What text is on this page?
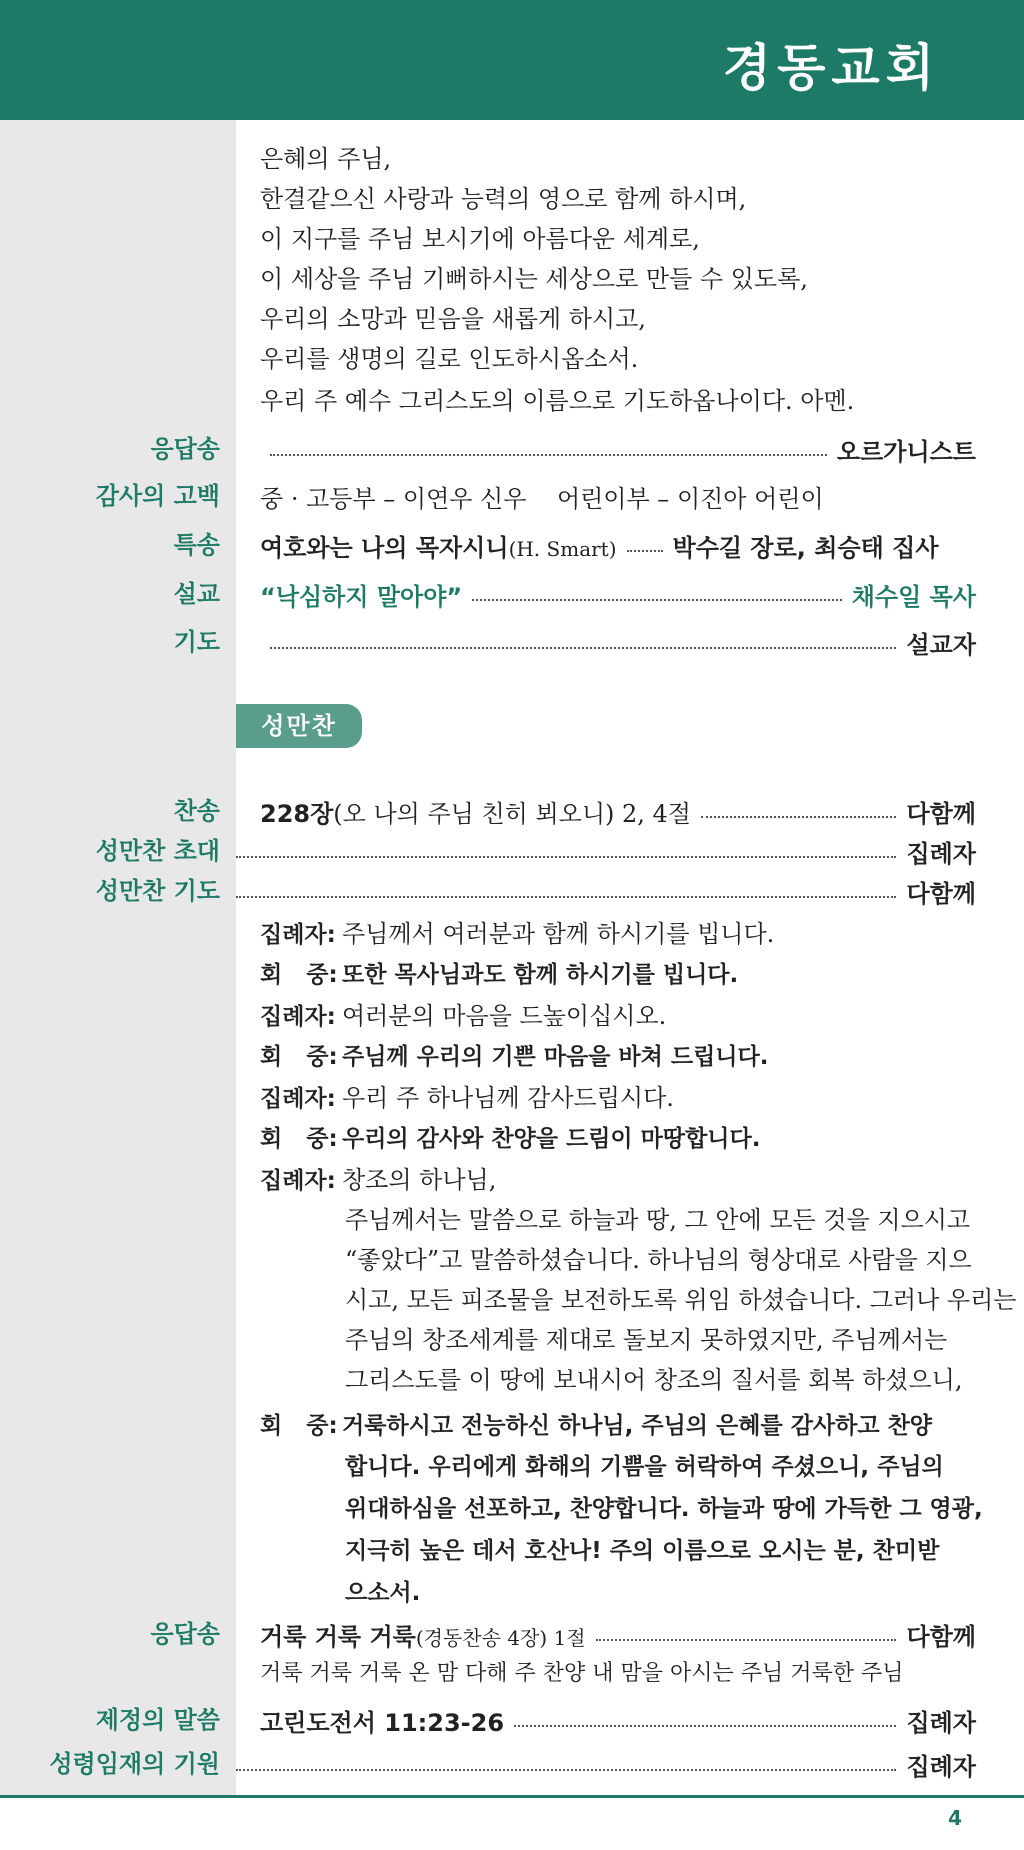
경동교회
은혜의 주님,
한결같으신 사랑과 능력의 영으로 함께 하시며,
이 지구를 주님 보시기에 아름다운 세계로,
이 세상을 주님 기뻐하시는 세상으로 만들 수 있도록,
우리의 소망과 믿음을 새롭게 하시고,
우리를 생명의 길로 인도하시옵소서.
우리 주 예수 그리스도의 이름으로 기도하옵나이다. 아멘.
응답송	오르가니스트
감사의 고백	중 · 고등부 – 이연우 신우    어린이부 – 이진아 어린이
특송	여호와는 나의 목자시니(H. Smart) 박수길 장로, 최승태 집사
설교	“낙심하지 말아야”	채수일 목사
기도	설교자
성만찬
찬송	228장(오 나의 주님 친히 뵈오니) 2, 4절	다함께
성만찬 초대	집례자
성만찬 기도	다함께
집례자: 주님께서 여러분과 함께 하시기를 빕니다.
회   중: 또한 목사님과도 함께 하시기를 빕니다.
집례자: 여러분의 마음을 드높이십시오.
회   중: 주님께 우리의 기쁜 마음을 바쳐 드립니다.
집례자: 우리 주 하나님께 감사드립시다.
회   중: 우리의 감사와 찬양을 드림이 마땅합니다.
집례자: 창조의 하나님,
주님께서는 말씀으로 하늘과 땅, 그 안에 모든 것을 지으시고
“좋았다”고 말씀하셨습니다. 하나님의 형상대로 사람을 지으
시고, 모든 피조물을 보전하도록 위임 하셨습니다. 그러나 우리는
주님의 창조세계를 제대로 돌보지 못하였지만, 주님께서는
그리스도를 이 땅에 보내시어 창조의 질서를 회복 하셨으니,
회   중: 거룩하시고 전능하신 하나님, 주님의 은혜를 감사하고 찬양
합니다. 우리에게 화해의 기쁨을 허락하여 주셨으니, 주님의
위대하심을 선포하고, 찬양합니다. 하늘과 땅에 가득한 그 영광,
지극히 높은 데서 호산나! 주의 이름으로 오시는 분, 찬미받
으소서.
응답송	거룩 거룩 거룩(경동찬송 4장) 1절	다함께
거룩 거룩 거룩 온 맘 다해 주 찬양 내 맘을 아시는 주님 거룩한 주님
제정의 말씀	고린도전서 11:23-26	집례자
성령임재의 기원	집례자
4
